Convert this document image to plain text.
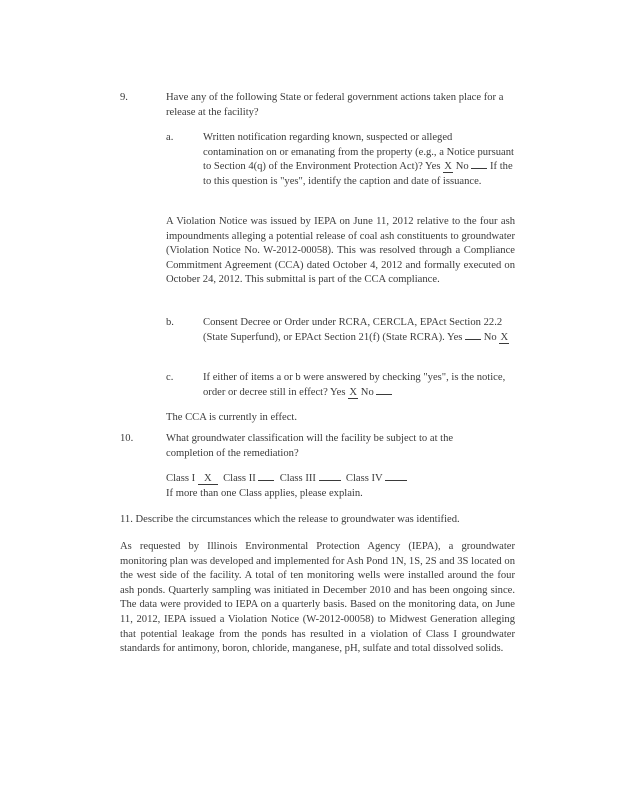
9.	Have any of the following State or federal government actions taken place for a release at the facility?

a.	Written notification regarding known, suspected or alleged contamination on or emanating from the property (e.g., a Notice pursuant to Section 4(q) of the Environment Protection Act)? Yes X No If the to this question is "yes", identify the caption and date of issuance.

A Violation Notice was issued by IEPA on June 11, 2012 relative to the four ash impoundments alleging a potential release of coal ash constituents to groundwater (Violation Notice No. W-2012-00058). This was resolved through a Compliance Commitment Agreement (CCA) dated October 4, 2012 and formally executed on October 24, 2012. This submittal is part of the CCA compliance.

b.	Consent Decree or Order under RCRA, CERCLA, EPAct Section 22.2 (State Superfund), or EPAct Section 21(f) (State RCRA). Yes No X

c.	If either of items a or b were answered by checking "yes", is the notice, order or decree still in effect? Yes X No

The CCA is currently in effect.

10.	What groundwater classification will the facility be subject to at the completion of the remediation?

Class I X Class II Class III	Class IV

If more than one Class applies, please explain.

11. Describe the circumstances which the release to groundwater was identified.

As requested by Illinois Environmental Protection Agency (IEPA), a groundwater monitoring plan was developed and implemented for Ash Pond 1N, 1S, 2S and 3S located on the west side of the facility. A total of ten monitoring wells were installed around the four ash ponds. Quarterly sampling was initiated in December 2010 and has been ongoing since. The data were provided to IEPA on a quarterly basis. Based on the monitoring data, on June 11, 2012, IEPA issued a Violation Notice (W-2012-00058) to Midwest Generation alleging that potential leakage from the ponds has resulted in a violation of Class I groundwater standards for antimony, boron, chloride, manganese, pH, sulfate and total dissolved solids.
